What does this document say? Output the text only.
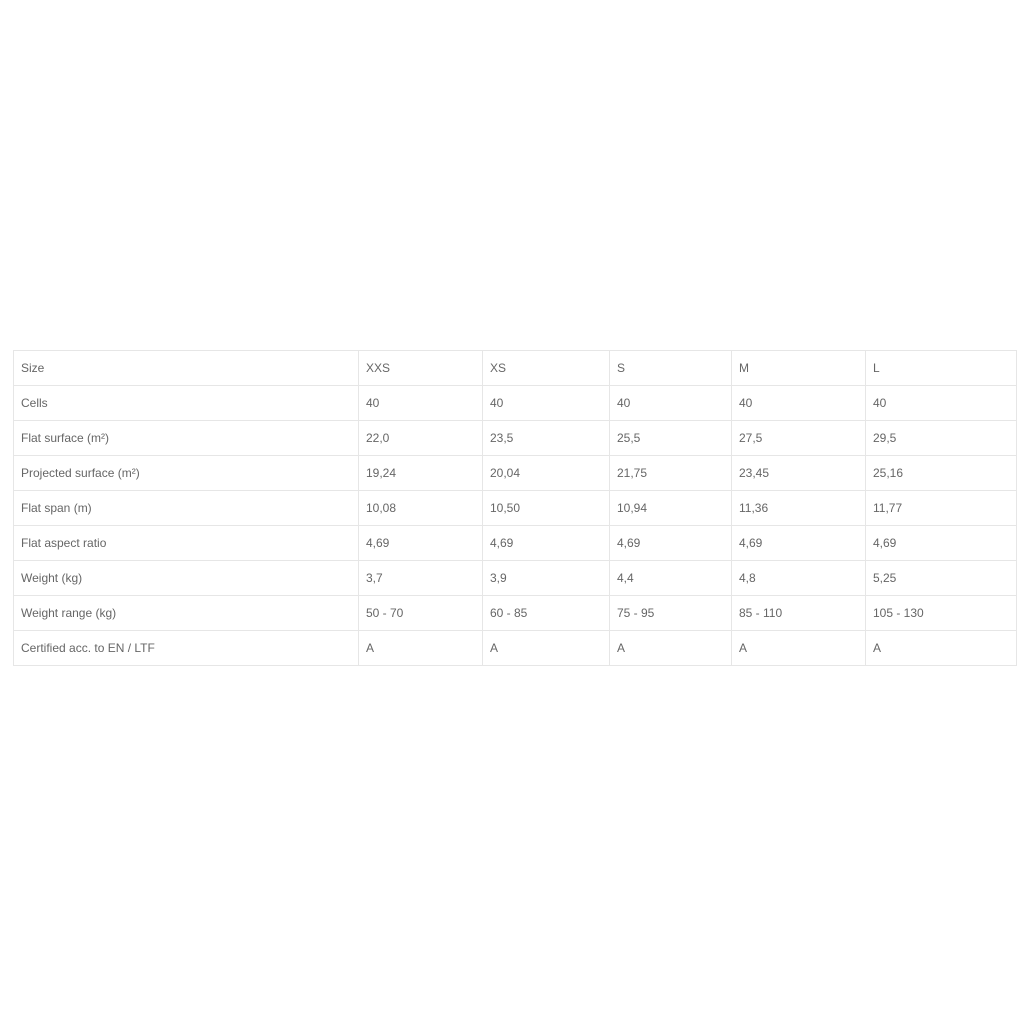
Size	XXS	XS	S	M	L
Cells	40	40	40	40	40
Flat surface (m²)	22,0	23,5	25,5	27,5	29,5
Projected surface (m²)	19,24	20,04	21,75	23,45	25,16
Flat span (m)	10,08	10,50	10,94	11,36	11,77
Flat aspect ratio	4,69	4,69	4,69	4,69	4,69
Weight (kg)	3,7	3,9	4,4	4,8	5,25
Weight range (kg)	50 - 70	60 - 85	75 - 95	85 - 110	105 - 130
Certified acc. to EN / LTF	A	A	A	A	A
